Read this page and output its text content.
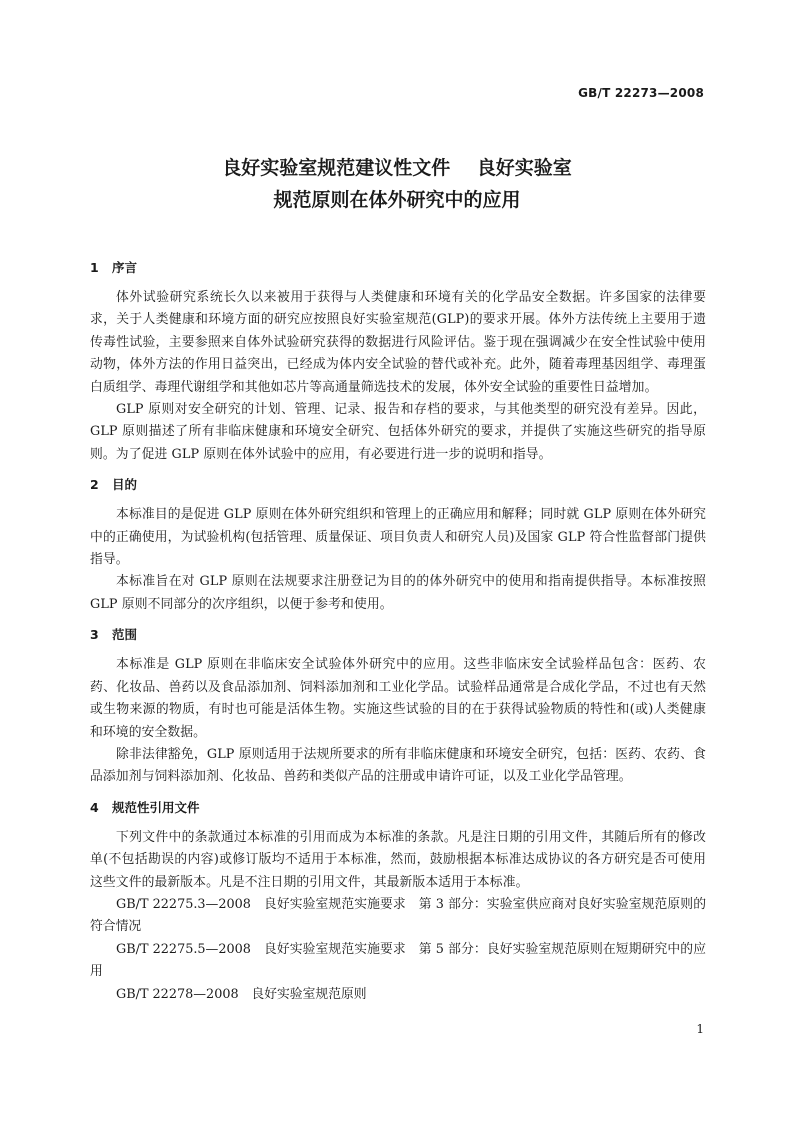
GB/T 22273—2008
良好实验室规范建议性文件    良好实验室
规范原则在体外研究中的应用
1 序言

体外试验研究系统长久以来被用于获得与人类健康和环境有关的化学品安全数据。许多国家的法律要求，关于人类健康和环境方面的研究应按照良好实验室规范(GLP)的要求开展。体外方法传统上主要用于遗传毒性试验，主要参照来自体外试验研究获得的数据进行风险评估。鉴于现在强调减少在安全性试验中使用动物，体外方法的作用日益突出，已经成为体内安全试验的替代或补充。此外，随着毒理基因组学、毒理蛋白质组学、毒理代谢组学和其他如芯片等高通量筛选技术的发展，体外安全试验的重要性日益增加。

GLP 原则对安全研究的计划、管理、记录、报告和存档的要求，与其他类型的研究没有差异。因此，GLP 原则描述了所有非临床健康和环境安全研究、包括体外研究的要求，并提供了实施这些研究的指导原则。为了促进 GLP 原则在体外试验中的应用，有必要进行进一步的说明和指导。

2 目的

本标准目的是促进 GLP 原则在体外研究组织和管理上的正确应用和解释；同时就 GLP 原则在体外研究中的正确使用，为试验机构(包括管理、质量保证、项目负责人和研究人员)及国家 GLP 符合性监督部门提供指导。

本标准旨在对 GLP 原则在法规要求注册登记为目的的体外研究中的使用和指南提供指导。本标准按照 GLP 原则不同部分的次序组织，以便于参考和使用。

3 范围

本标准是 GLP 原则在非临床安全试验体外研究中的应用。这些非临床安全试验样品包含：医药、农药、化妆品、兽药以及食品添加剂、饲料添加剂和工业化学品。试验样品通常是合成化学品，不过也有天然或生物来源的物质，有时也可能是活体生物。实施这些试验的目的在于获得试验物质的特性和(或)人类健康和环境的安全数据。

除非法律豁免，GLP 原则适用于法规所要求的所有非临床健康和环境安全研究，包括：医药、农药、食品添加剂与饲料添加剂、化妆品、兽药和类似产品的注册或申请许可证，以及工业化学品管理。

4 规范性引用文件

下列文件中的条款通过本标准的引用而成为本标准的条款。凡是注日期的引用文件，其随后所有的修改单(不包括勘误的内容)或修订版均不适用于本标准，然而，鼓励根据本标准达成协议的各方研究是否可使用这些文件的最新版本。凡是不注日期的引用文件，其最新版本适用于本标准。

GB/T 22275.3—2008　良好实验室规范实施要求　第 3 部分：实验室供应商对良好实验室规范原则的符合情况

GB/T 22275.5—2008　良好实验室规范实施要求　第 5 部分：良好实验室规范原则在短期研究中的应用

GB/T 22278—2008　良好实验室规范原则

1
